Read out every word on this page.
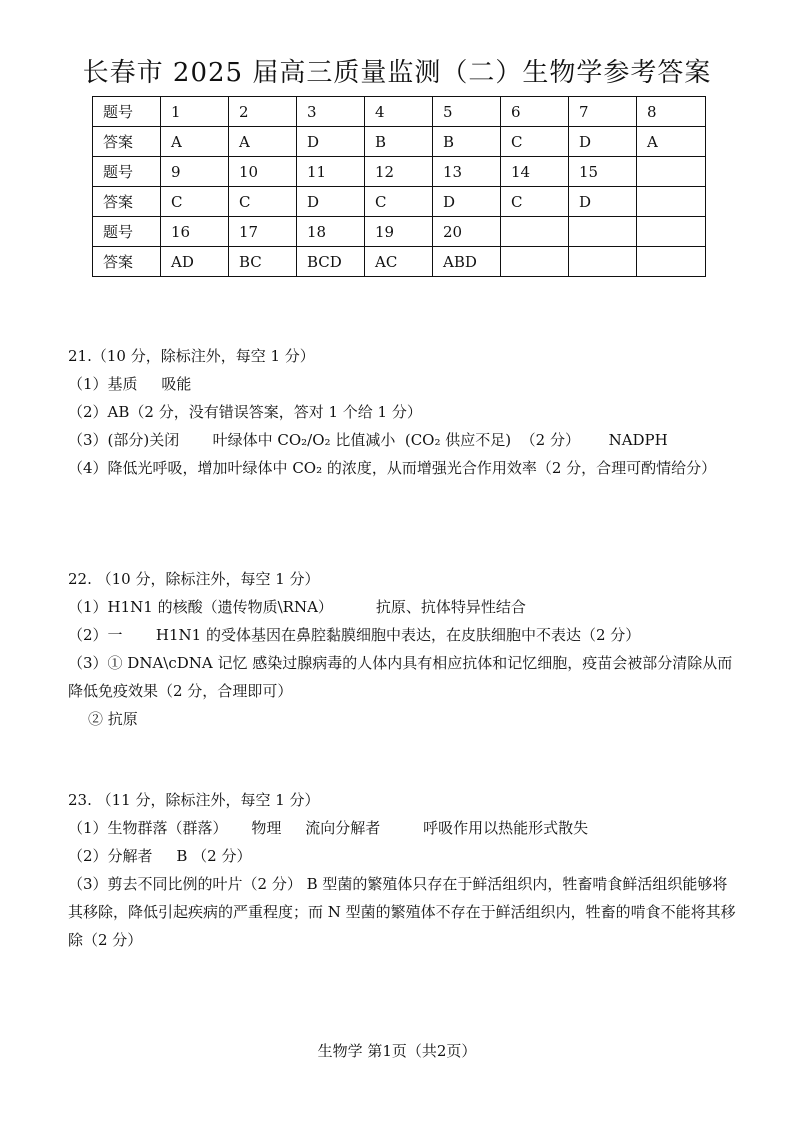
长春市 2025 届高三质量监测（二）生物学参考答案
题号	1	2	3	4	5	6	7	8
答案	A	A	D	B	B	C	D	A
题号	9	10	11	12	13	14	15	
答案	C	C	D	C	D	C	D	
题号	16	17	18	19	20			
答案	AD	BC	BCD	AC	ABD			
21.（10 分，除标注外，每空 1 分）
（1）基质     吸能
（2）AB（2 分，没有错误答案，答对 1 个给 1 分）
（3）(部分)关闭       叶绿体中 CO₂/O₂ 比值减小  (CO₂ 供应不足)  （2 分）      NADPH
（4）降低光呼吸，增加叶绿体中 CO₂ 的浓度，从而增强光合作用效率（2 分，合理可酌情给分）
22. （10 分，除标注外，每空 1 分）
（1）H1N1 的核酸（遗传物质\RNA）         抗原、抗体特异性结合
（2）一       H1N1 的受体基因在鼻腔黏膜细胞中表达，在皮肤细胞中不表达（2 分）
（3）① DNA\cDNA 记忆 感染过腺病毒的人体内具有相应抗体和记忆细胞，疫苗会被部分清除从而降低免疫效果（2 分，合理即可）
② 抗原
23. （11 分，除标注外，每空 1 分）
（1）生物群落（群落）     物理     流向分解者         呼吸作用以热能形式散失
（2）分解者     B （2 分）
（3）剪去不同比例的叶片（2 分） B 型菌的繁殖体只存在于鲜活组织内，牲畜啃食鲜活组织能够将其移除，降低引起疾病的严重程度；而 N 型菌的繁殖体不存在于鲜活组织内，牲畜的啃食不能将其移除（2 分）
生物学 第1页（共2页）
